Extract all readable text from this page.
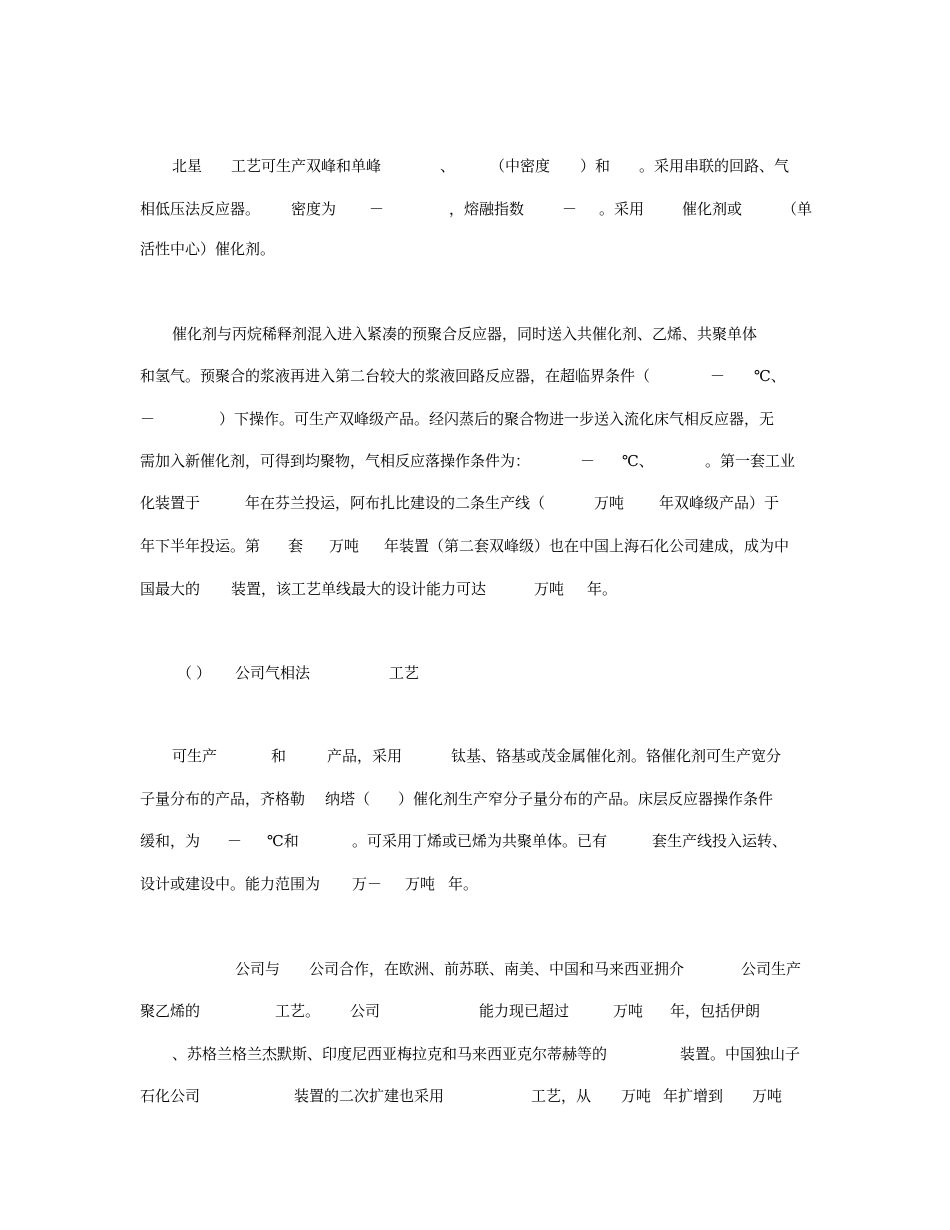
北星 工艺可生产双峰和单峰	、 （中密度 ）和 。采用串联的回路、气
相低压法反应器。 密度为 －	，熔融指数	－ 。采用	催化剂或	（单
活性中心）催化剂。
催化剂与丙烷稀释剂混入进入紧凑的预聚合反应器，同时送入共催化剂、乙烯、共聚单体
和氢气。预聚合的浆液再进入第二台较大的浆液回路反应器，在超临界条件（	－ ℃、
－	）下操作。可生产双峰级产品。经闪蒸后的聚合物进一步送入流化床气相反应器，无
需加入新催化剂，可得到均聚物，气相反应落操作条件为：	－ ℃、	。第一套工业
化装置于	年在芬兰投运，阿布扎比建设的二条生产线（	万吨 年双峰级产品）于
年下半年投运。第 套 万吨 年装置（第二套双峰级）也在中国上海石化公司建成，成为中
国最大的 装置，该工艺单线最大的设计能力可达	万吨 年。
（ ） 公司气相法	工艺
可生产	和	产品，采用	钛基、铬基或茂金属催化剂。铬催化剂可生产宽分
子量分布的产品，齐格勒 纳塔（ ）催化剂生产窄分子量分布的产品。床层反应器操作条件
缓和，为 － ℃和	。可采用丁烯或已烯为共聚单体。已有	套生产线投入运转、
设计或建设中。能力范围为 万－ 万吨 年。
公司与 公司合作，在欧洲、前苏联、南美、中国和马来西亚拥介	公司生产
聚乙烯的	工艺。 公司	能力现已超过	万吨 年，包括伊朗
、苏格兰格兰杰默斯、印度尼西亚梅拉克和马来西亚克尔蒂赫等的	装置。中国独山子
石化公司	装置的二次扩建也采用	工艺，从 万吨 年扩增到 万吨
